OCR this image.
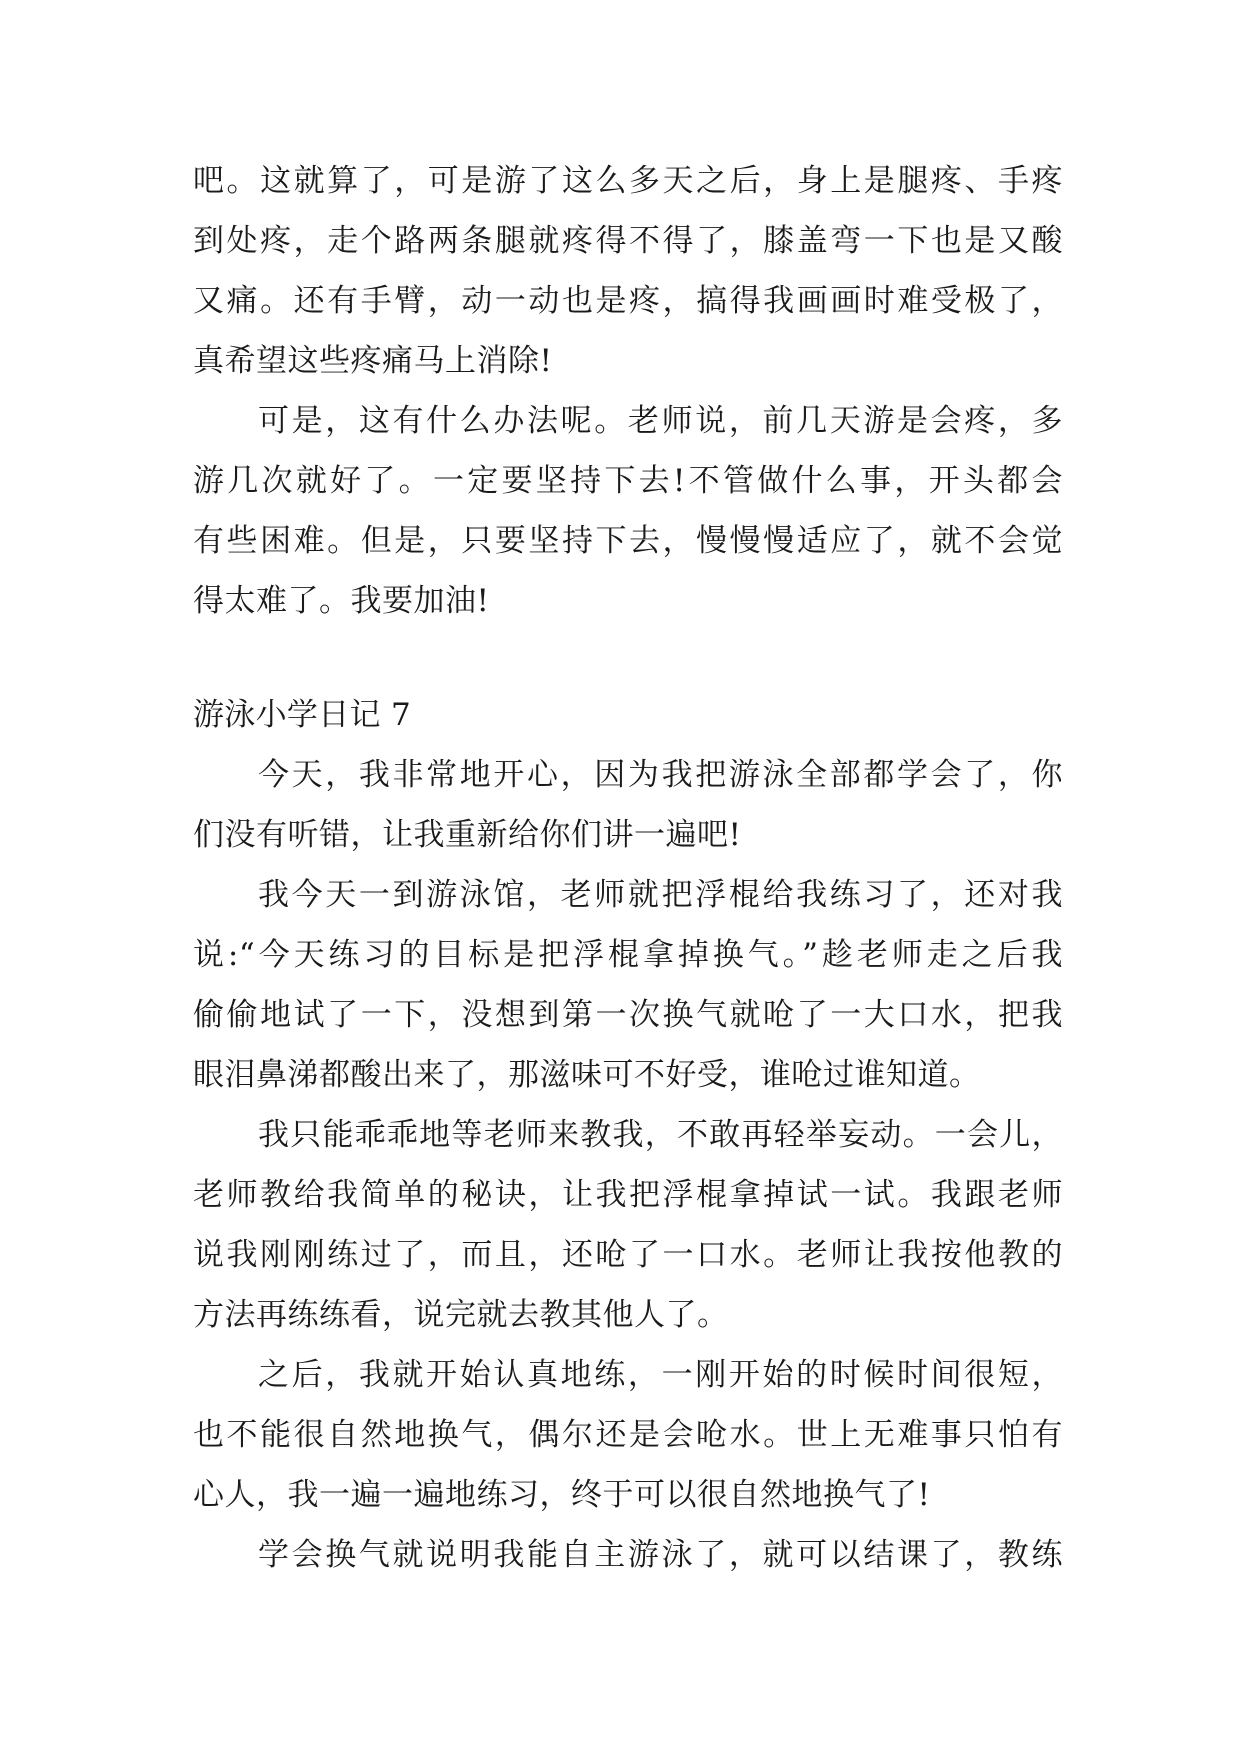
吧。这就算了，可是游了这么多天之后，身上是腿疼、手疼
到处疼，走个路两条腿就疼得不得了，膝盖弯一下也是又酸
又痛。还有手臂，动一动也是疼，搞得我画画时难受极了，
真希望这些疼痛马上消除!
可是，这有什么办法呢。老师说，前几天游是会疼，多
游几次就好了。一定要坚持下去!不管做什么事，开头都会
有些困难。但是，只要坚持下去，慢慢慢适应了，就不会觉
得太难了。我要加油!
游泳小学日记 7
今天，我非常地开心，因为我把游泳全部都学会了，你
们没有听错，让我重新给你们讲一遍吧!
我今天一到游泳馆，老师就把浮棍给我练习了，还对我
说:“今天练习的目标是把浮棍拿掉换气。”趁老师走之后我
偷偷地试了一下，没想到第一次换气就呛了一大口水，把我
眼泪鼻涕都酸出来了，那滋味可不好受，谁呛过谁知道。
我只能乖乖地等老师来教我，不敢再轻举妄动。一会儿，
老师教给我简单的秘诀，让我把浮棍拿掉试一试。我跟老师
说我刚刚练过了，而且，还呛了一口水。老师让我按他教的
方法再练练看，说完就去教其他人了。
之后，我就开始认真地练，一刚开始的时候时间很短，
也不能很自然地换气，偶尔还是会呛水。世上无难事只怕有
心人，我一遍一遍地练习，终于可以很自然地换气了!
学会换气就说明我能自主游泳了，就可以结课了，教练
